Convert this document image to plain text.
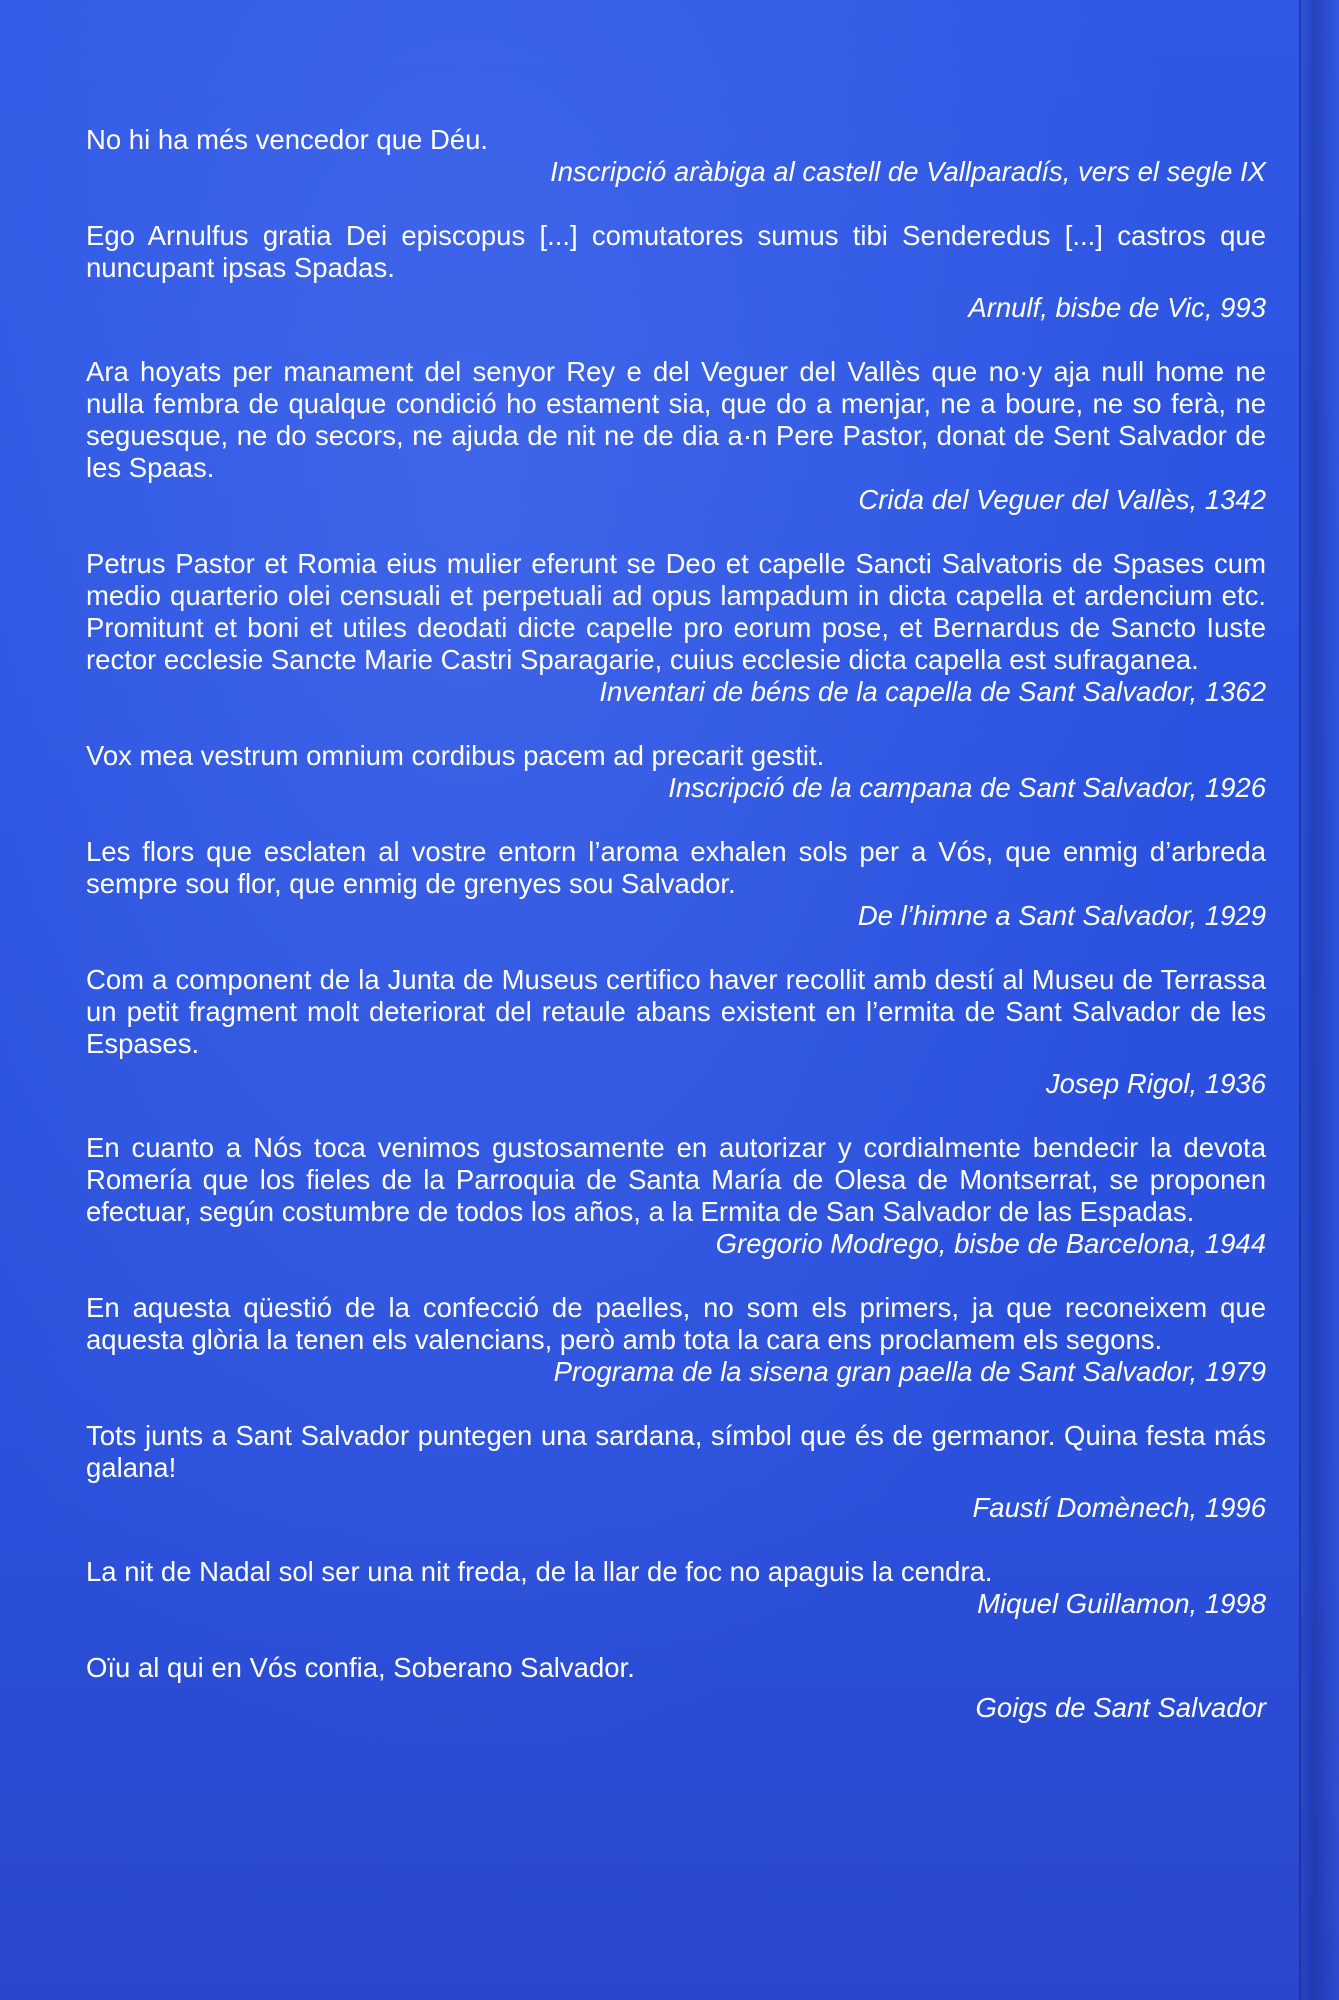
No hi ha més vencedor que Déu.

Inscripció aràbiga al castell de Vallparadís, vers el segle IX

Ego Arnulfus gratia Dei episcopus [...] comutatores sumus tibi Senderedus [...] castros que nuncupant ipsas Spadas.

Arnulf, bisbe de Vic, 993

Ara hoyats per manament del senyor Rey e del Veguer del Vallès que no·y aja null home ne nulla fembra de qualque condició ho estament sia, que do a menjar, ne a boure, ne so ferà, ne seguesque, ne do secors, ne ajuda de nit ne de dia a·n Pere Pastor, donat de Sent Salvador de les Spaas.

Crida del Veguer del Vallès, 1342

Petrus Pastor et Romia eius mulier eferunt se Deo et capelle Sancti Salvatoris de Spases cum medio quarterio olei censuali et perpetuali ad opus lampadum in dicta capella et ardencium etc. Promitunt et boni et utiles deodati dicte capelle pro eorum pose, et Bernardus de Sancto Iuste rector ecclesie Sancte Marie Castri Sparagarie, cuius ecclesie dicta capella est sufraganea.

Inventari de béns de la capella de Sant Salvador, 1362

Vox mea vestrum omnium cordibus pacem ad precarit gestit.

Inscripció de la campana de Sant Salvador, 1926

Les flors que esclaten al vostre entorn l’aroma exhalen sols per a Vós, que enmig d’arbreda sempre sou flor, que enmig de grenyes sou Salvador.

De l’himne a Sant Salvador, 1929

Com a component de la Junta de Museus certifico haver recollit amb destí al Museu de Terrassa un petit fragment molt deteriorat del retaule abans existent en l’ermita de Sant Salvador de les Espases.

Josep Rigol, 1936

En cuanto a Nós toca venimos gustosamente en autorizar y cordialmente bendecir la devota Romería que los fieles de la Parroquia de Santa María de Olesa de Montserrat, se proponen efectuar, según costumbre de todos los años, a la Ermita de San Salvador de las Espadas.

Gregorio Modrego, bisbe de Barcelona, 1944

En aquesta qüestió de la confecció de paelles, no som els primers, ja que reconeixem que aquesta glòria la tenen els valencians, però amb tota la cara ens proclamem els segons.

Programa de la sisena gran paella de Sant Salvador, 1979

Tots junts a Sant Salvador puntegen una sardana, símbol que és de germanor. Quina festa más galana!

Faustí Domènech, 1996

La nit de Nadal sol ser una nit freda, de la llar de foc no apaguis la cendra.

Miquel Guillamon, 1998

Oïu al qui en Vós confia, Soberano Salvador.

Goigs de Sant Salvador
